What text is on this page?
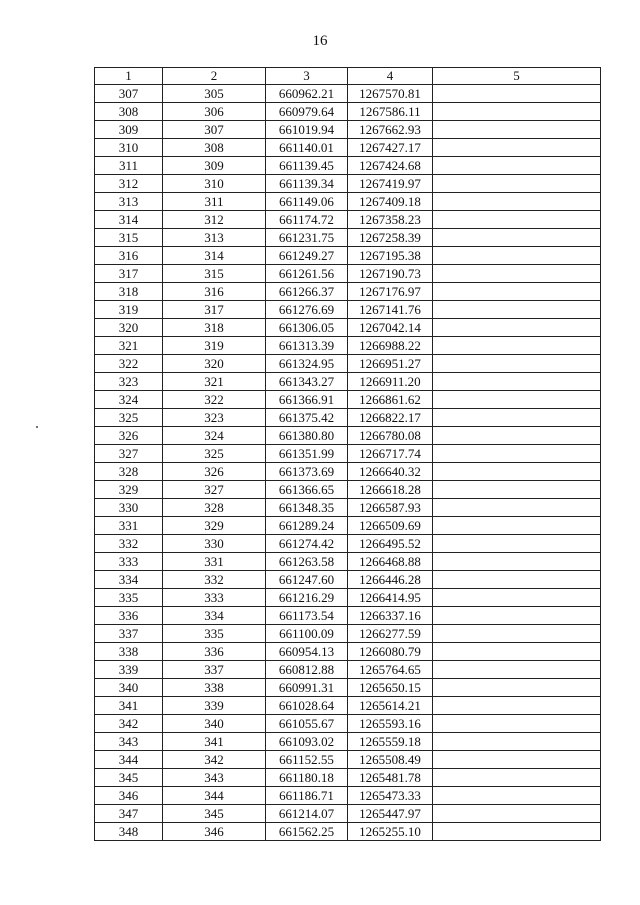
16
1	2	3	4	5
307	305	660962.21	1267570.81	
308	306	660979.64	1267586.11	
309	307	661019.94	1267662.93	
310	308	661140.01	1267427.17	
311	309	661139.45	1267424.68	
312	310	661139.34	1267419.97	
313	311	661149.06	1267409.18	
314	312	661174.72	1267358.23	
315	313	661231.75	1267258.39	
316	314	661249.27	1267195.38	
317	315	661261.56	1267190.73	
318	316	661266.37	1267176.97	
319	317	661276.69	1267141.76	
320	318	661306.05	1267042.14	
321	319	661313.39	1266988.22	
322	320	661324.95	1266951.27	
323	321	661343.27	1266911.20	
324	322	661366.91	1266861.62	
325	323	661375.42	1266822.17	
326	324	661380.80	1266780.08	
327	325	661351.99	1266717.74	
328	326	661373.69	1266640.32	
329	327	661366.65	1266618.28	
330	328	661348.35	1266587.93	
331	329	661289.24	1266509.69	
332	330	661274.42	1266495.52	
333	331	661263.58	1266468.88	
334	332	661247.60	1266446.28	
335	333	661216.29	1266414.95	
336	334	661173.54	1266337.16	
337	335	661100.09	1266277.59	
338	336	660954.13	1266080.79	
339	337	660812.88	1265764.65	
340	338	660991.31	1265650.15	
341	339	661028.64	1265614.21	
342	340	661055.67	1265593.16	
343	341	661093.02	1265559.18	
344	342	661152.55	1265508.49	
345	343	661180.18	1265481.78	
346	344	661186.71	1265473.33	
347	345	661214.07	1265447.97	
348	346	661562.25	1265255.10	
